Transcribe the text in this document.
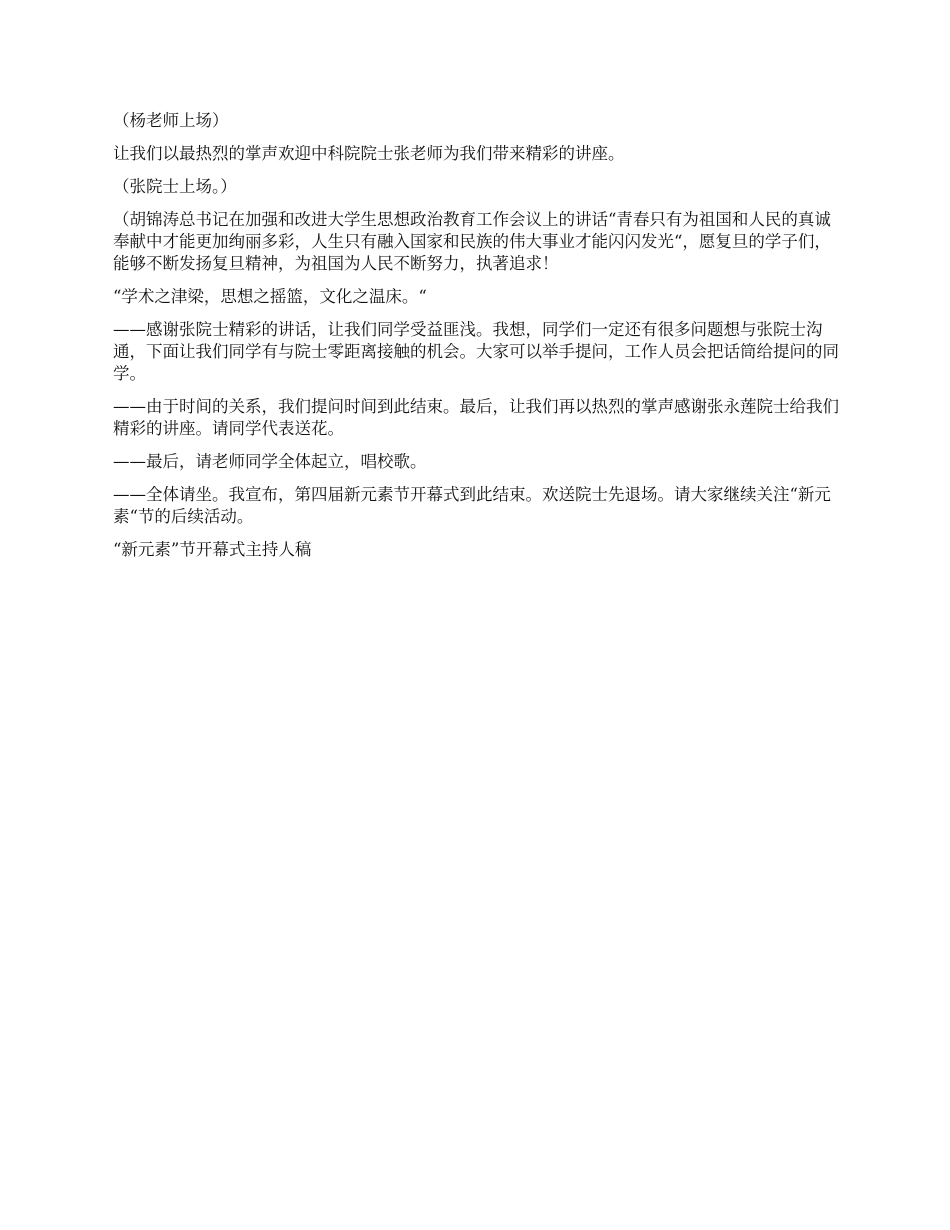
（杨老师上场）

让我们以最热烈的掌声欢迎中科院院士张老师为我们带来精彩的讲座。

（张院士上场。）

（胡锦涛总书记在加强和改进大学生思想政治教育工作会议上的讲话“青春只有为祖国和人民的真诚奉献中才能更加绚丽多彩，人生只有融入国家和民族的伟大事业才能闪闪发光“，愿复旦的学子们，能够不断发扬复旦精神，为祖国为人民不断努力，执著追求！

“学术之津梁，思想之摇篮，文化之温床。“

——感谢张院士精彩的讲话，让我们同学受益匪浅。我想，同学们一定还有很多问题想与张院士沟通，下面让我们同学有与院士零距离接触的机会。大家可以举手提问，工作人员会把话筒给提问的同学。

——由于时间的关系，我们提问时间到此结束。最后，让我们再以热烈的掌声感谢张永莲院士给我们精彩的讲座。请同学代表送花。

——最后，请老师同学全体起立，唱校歌。

——全体请坐。我宣布，第四届新元素节开幕式到此结束。欢送院士先退场。请大家继续关注“新元素“节的后续活动。

“新元素”节开幕式主持人稿
